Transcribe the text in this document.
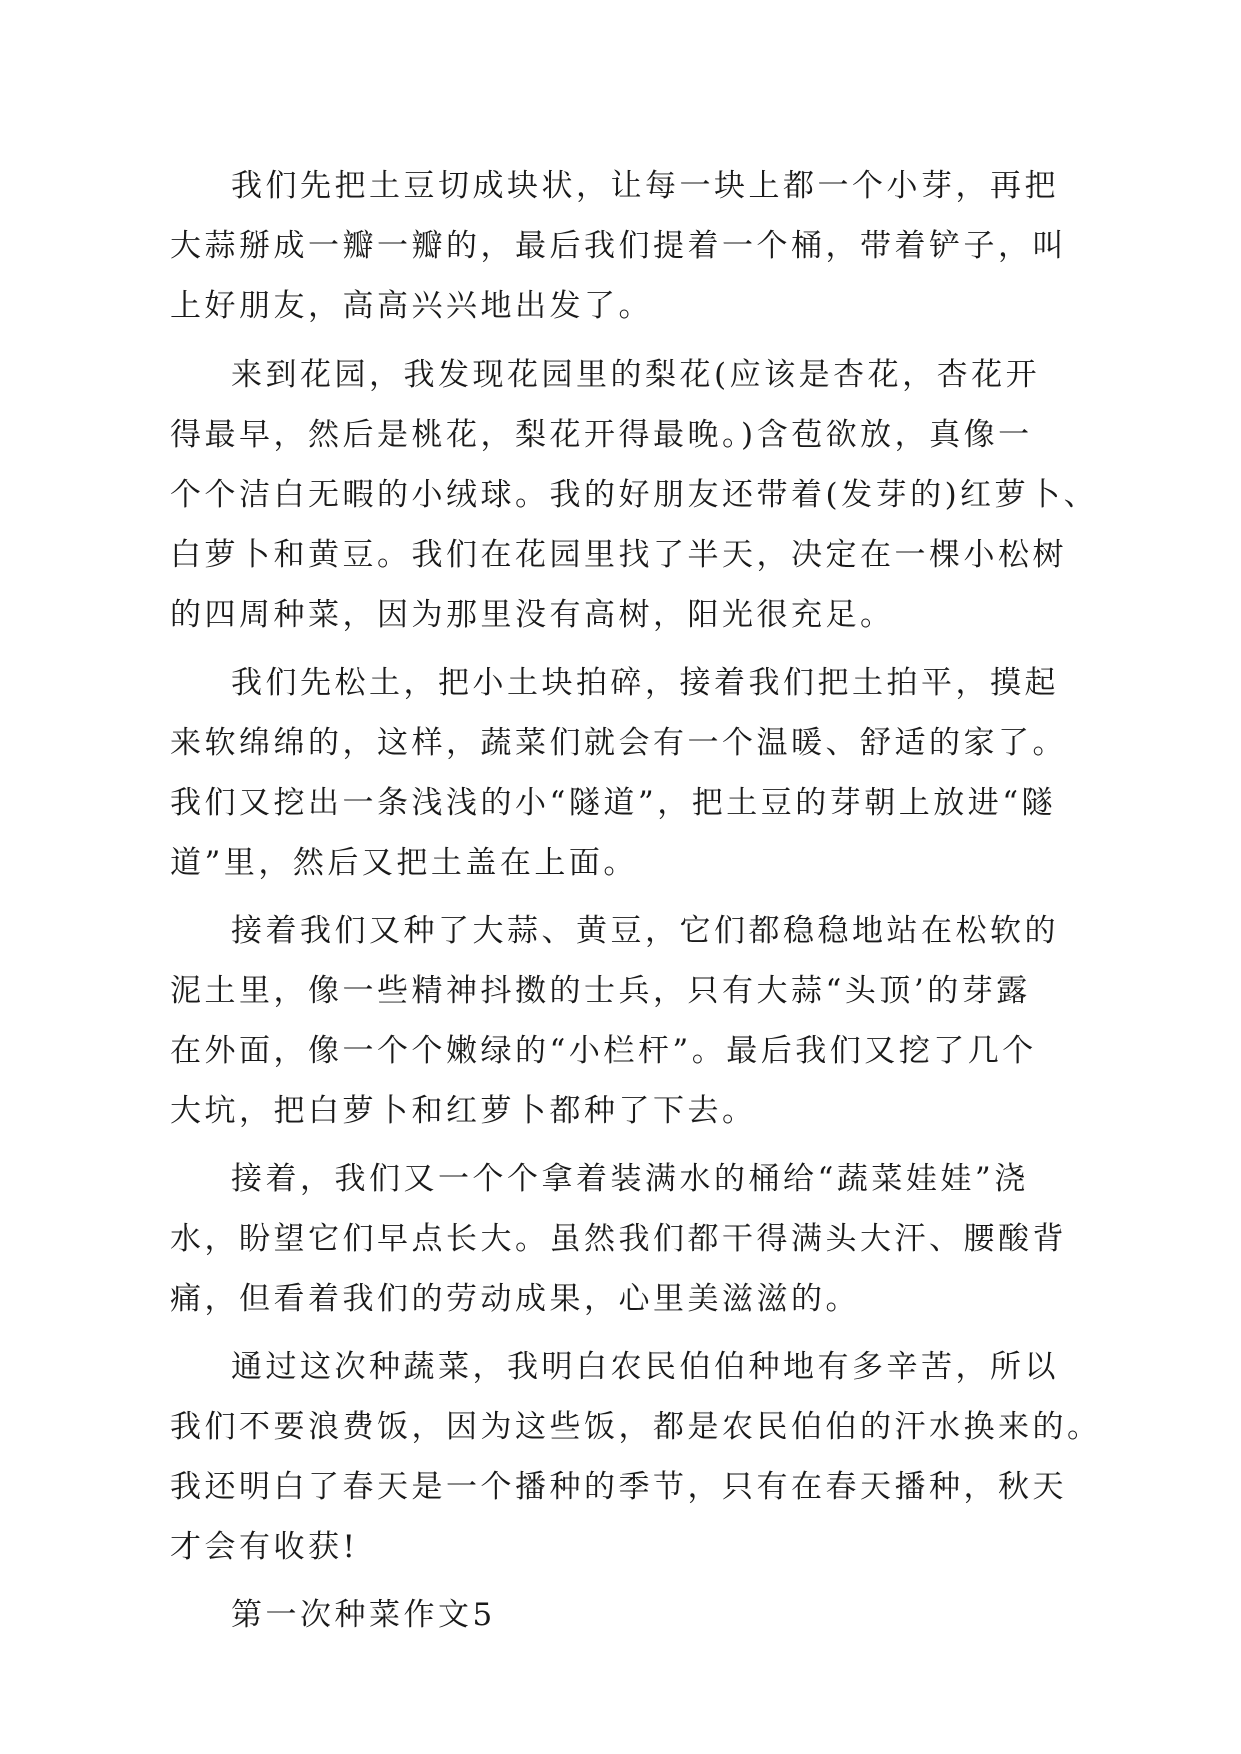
我们先把土豆切成块状，让每一块上都一个小芽，再把
大蒜掰成一瓣一瓣的，最后我们提着一个桶，带着铲子，叫
上好朋友，高高兴兴地出发了。
来到花园，我发现花园里的梨花(应该是杏花，杏花开
得最早，然后是桃花，梨花开得最晚。)含苞欲放，真像一
个个洁白无暇的小绒球。我的好朋友还带着(发芽的)红萝卜、
白萝卜和黄豆。我们在花园里找了半天，决定在一棵小松树
的四周种菜，因为那里没有高树，阳光很充足。
我们先松土，把小土块拍碎，接着我们把土拍平，摸起
来软绵绵的，这样，蔬菜们就会有一个温暖、舒适的家了。
我们又挖出一条浅浅的小“隧道”，把土豆的芽朝上放进“隧
道”里，然后又把土盖在上面。
接着我们又种了大蒜、黄豆，它们都稳稳地站在松软的
泥土里，像一些精神抖擞的士兵，只有大蒜“头顶’的芽露
在外面，像一个个嫩绿的“小栏杆”。最后我们又挖了几个
大坑，把白萝卜和红萝卜都种了下去。
接着，我们又一个个拿着装满水的桶给“蔬菜娃娃”浇
水，盼望它们早点长大。虽然我们都干得满头大汗、腰酸背
痛，但看着我们的劳动成果，心里美滋滋的。
通过这次种蔬菜，我明白农民伯伯种地有多辛苦，所以
我们不要浪费饭，因为这些饭，都是农民伯伯的汗水换来的。
我还明白了春天是一个播种的季节，只有在春天播种，秋天
才会有收获!
第一次种菜作文5
